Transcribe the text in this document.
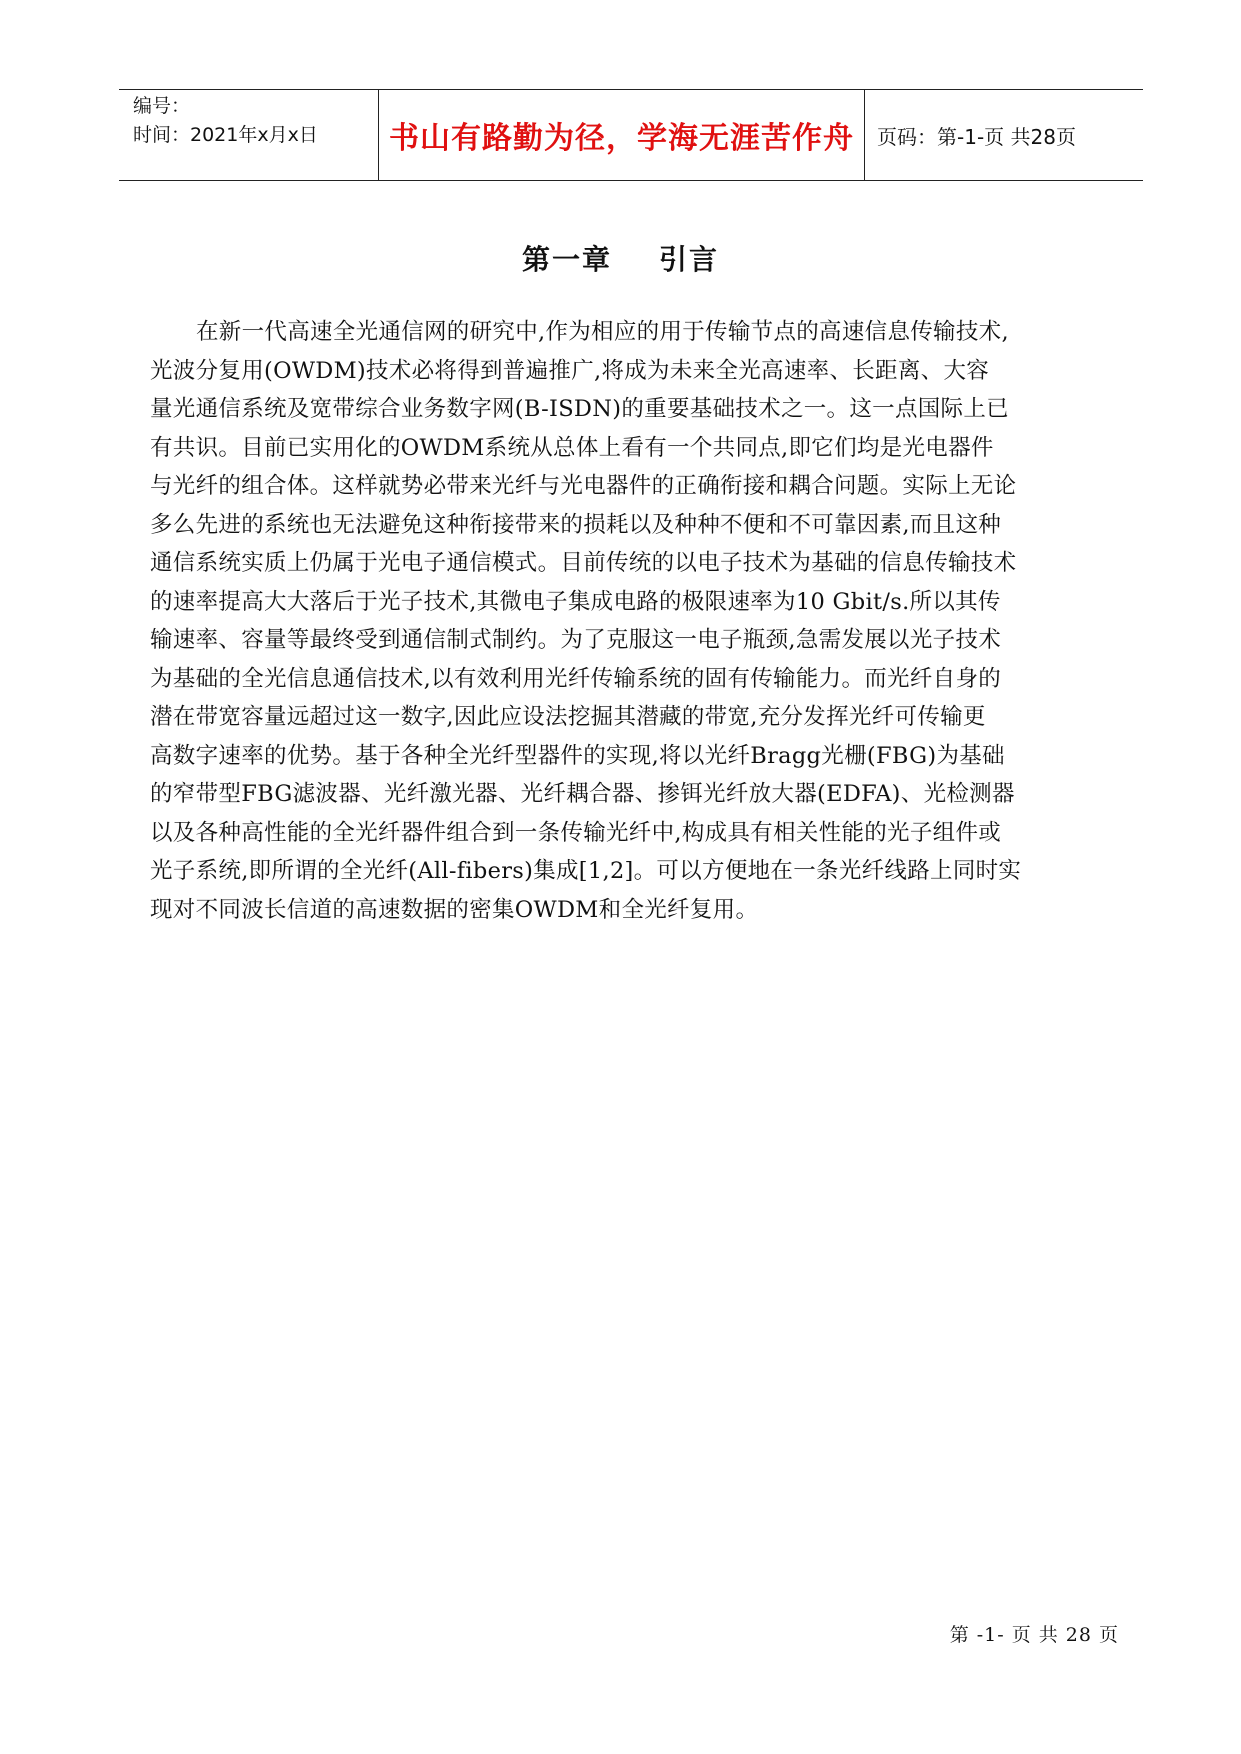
编号：
时间：2021年x月x日	书山有路勤为径，学海无涯苦作舟 页码：第-1-页 共28页
第一章    引言
在新一代高速全光通信网的研究中,作为相应的用于传输节点的高速信息传输技术,
光波分复用(OWDM)技术必将得到普遍推广,将成为未来全光高速率、长距离、大容
量光通信系统及宽带综合业务数字网(B-ISDN)的重要基础技术之一。这一点国际上已
有共识。目前已实用化的OWDM系统从总体上看有一个共同点,即它们均是光电器件
与光纤的组合体。这样就势必带来光纤与光电器件的正确衔接和耦合问题。实际上无论
多么先进的系统也无法避免这种衔接带来的损耗以及种种不便和不可靠因素,而且这种
通信系统实质上仍属于光电子通信模式。目前传统的以电子技术为基础的信息传输技术
的速率提高大大落后于光子技术,其微电子集成电路的极限速率为10 Gbit/s.所以其传
输速率、容量等最终受到通信制式制约。为了克服这一电子瓶颈,急需发展以光子技术
为基础的全光信息通信技术,以有效利用光纤传输系统的固有传输能力。而光纤自身的
潜在带宽容量远超过这一数字,因此应设法挖掘其潜藏的带宽,充分发挥光纤可传输更
高数字速率的优势。基于各种全光纤型器件的实现,将以光纤Bragg光栅(FBG)为基础
的窄带型FBG滤波器、光纤激光器、光纤耦合器、掺铒光纤放大器(EDFA)、光检测器
以及各种高性能的全光纤器件组合到一条传输光纤中,构成具有相关性能的光子组件或
光子系统,即所谓的全光纤(All-fibers)集成[1,2]。可以方便地在一条光纤线路上同时实
现对不同波长信道的高速数据的密集OWDM和全光纤复用。
第 -1- 页 共 28 页
